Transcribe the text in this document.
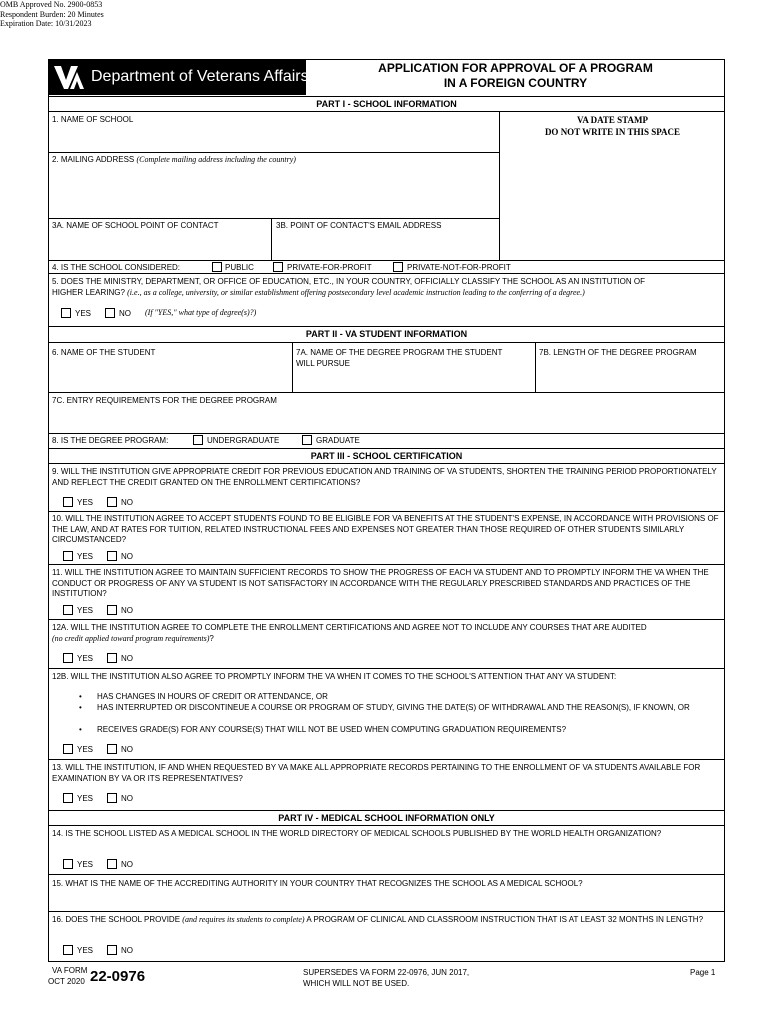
OMB Approved No. 2900-0853
Respondent Burden: 20 Minutes
Expiration Date: 10/31/2023
Department of Veterans Affairs	APPLICATION FOR APPROVAL OF A PROGRAM
IN A FOREIGN COUNTRY
PART I - SCHOOL INFORMATION
1. NAME OF SCHOOL	VA DATE STAMP
DO NOT WRITE IN THIS SPACE
2. MAILING ADDRESS (Complete mailing address including the country)
3A. NAME OF SCHOOL POINT OF CONTACT	3B. POINT OF CONTACT'S EMAIL ADDRESS
4. IS THE SCHOOL CONSIDERED:	PUBLIC	PRIVATE-FOR-PROFIT	PRIVATE-NOT-FOR-PROFIT
5. DOES THE MINISTRY, DEPARTMENT, OR OFFICE OF EDUCATION, ETC., IN YOUR COUNTRY, OFFICIALLY CLASSIFY THE SCHOOL AS AN INSTITUTION OF
HIGHER LEARING? (i.e., as a college, university, or similar establishment offering postsecondary level academic instruction leading to the conferring of a degree.)
YES	NO (If "YES," what type of degree(s)?)
PART II - VA STUDENT INFORMATION
6. NAME OF THE STUDENT	7A. NAME OF THE DEGREE PROGRAM THE STUDENT
WILL PURSUE
7B. LENGTH OF THE DEGREE PROGRAM
7C. ENTRY REQUIREMENTS FOR THE DEGREE PROGRAM
8. IS THE DEGREE PROGRAM:	UNDERGRADUATE	GRADUATE
PART III - SCHOOL CERTIFICATION
9. WILL THE INSTITUTION GIVE APPROPRIATE CREDIT FOR PREVIOUS EDUCATION AND TRAINING OF VA STUDENTS, SHORTEN THE TRAINING PERIOD PROPORTIONATELY AND REFLECT THE CREDIT GRANTED ON THE ENROLLMENT CERTIFICATIONS?
YES	NO
10. WILL THE INSTITUTION AGREE TO ACCEPT STUDENTS FOUND TO BE ELIGIBLE FOR VA BENEFITS AT THE STUDENT'S EXPENSE, IN ACCORDANCE WITH PROVISIONS OF THE LAW, AND AT RATES FOR TUITION, RELATED INSTRUCTIONAL FEES AND EXPENSES NOT GREATER THAN THOSE REQUIRED OF OTHER STUDENTS SIMILARLY CIRCUMSTANCED?
YES	NO
11. WILL THE INSTITUTION AGREE TO MAINTAIN SUFFICIENT RECORDS TO SHOW THE PROGRESS OF EACH VA STUDENT AND TO PROMPTLY INFORM THE VA WHEN THE CONDUCT OR PROGRESS OF ANY VA STUDENT IS NOT SATISFACTORY IN ACCORDANCE WITH THE REGULARLY PRESCRIBED STANDARDS AND PRACTICES OF THE INSTITUTION?
YES	NO
12A. WILL THE INSTITUTION AGREE TO COMPLETE THE ENROLLMENT CERTIFICATIONS AND AGREE NOT TO INCLUDE ANY COURSES THAT ARE AUDITED
(no credit applied toward program requirements)?
YES	NO
12B. WILL THE INSTITUTION ALSO AGREE TO PROMPTLY INFORM THE VA WHEN IT COMES TO THE SCHOOL'S ATTENTION THAT ANY VA STUDENT:
•	HAS CHANGES IN HOURS OF CREDIT OR ATTENDANCE, OR
•	HAS INTERRUPTED OR DISCONTINEUE A COURSE OR PROGRAM OF STUDY, GIVING THE DATE(S) OF WITHDRAWAL AND THE REASON(S), IF KNOWN, OR
•	RECEIVES GRADE(S) FOR ANY COURSE(S) THAT WILL NOT BE USED WHEN COMPUTING GRADUATION REQUIREMENTS?
YES	NO
13. WILL THE INSTITUTION, IF AND WHEN REQUESTED BY VA MAKE ALL APPROPRIATE RECORDS PERTAINING TO THE ENROLLMENT OF VA STUDENTS AVAILABLE FOR EXAMINATION BY VA OR ITS REPRESENTATIVES?
YES	NO
PART IV - MEDICAL SCHOOL INFORMATION ONLY
14. IS THE SCHOOL LISTED AS A MEDICAL SCHOOL IN THE WORLD DIRECTORY OF MEDICAL SCHOOLS PUBLISHED BY THE WORLD HEALTH ORGANIZATION?
YES	NO
15. WHAT IS THE NAME OF THE ACCREDITING AUTHORITY IN YOUR COUNTRY THAT RECOGNIZES THE SCHOOL AS A MEDICAL SCHOOL?
16. DOES THE SCHOOL PROVIDE (and requires its students to complete) A PROGRAM OF CLINICAL AND CLASSROOM INSTRUCTION THAT IS AT LEAST 32 MONTHS IN LENGTH?
YES	NO
VA FORM
OCT 2020 22-0976	SUPERSEDES VA FORM 22-0976, JUN 2017,
WHICH WILL NOT BE USED.
Page 1
